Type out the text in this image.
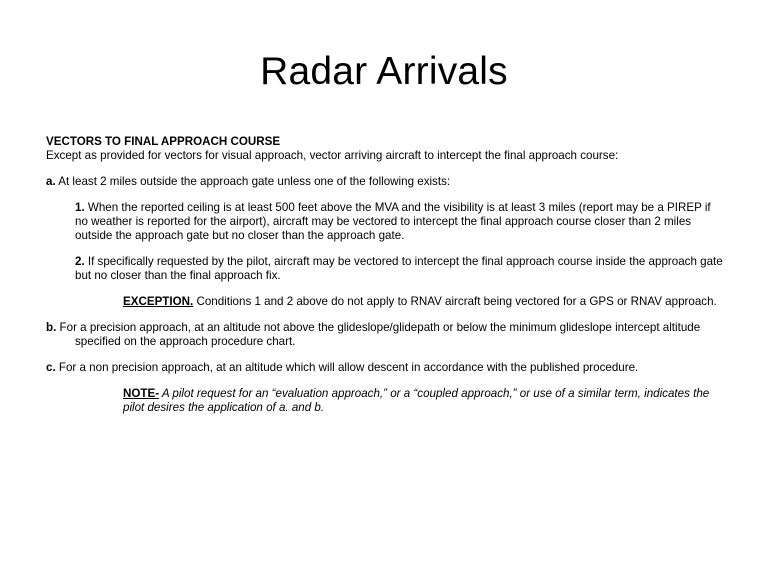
Radar Arrivals

VECTORS TO FINAL APPROACH COURSE

Except as provided for vectors for visual approach, vector arriving aircraft to intercept the final approach course:

a. At least 2 miles outside the approach gate unless one of the following exists:

1. When the reported ceiling is at least 500 feet above the MVA and the visibility is at least 3 miles (report may be a PIREP if no weather is reported for the airport), aircraft may be vectored to intercept the final approach course closer than 2 miles outside the approach gate but no closer than the approach gate.

2. If specifically requested by the pilot, aircraft may be vectored to intercept the final approach course inside the approach gate but no closer than the final approach fix.

EXCEPTION. Conditions 1 and 2 above do not apply to RNAV aircraft being vectored for a GPS or RNAV approach.

b. For a precision approach, at an altitude not above the glideslope/glidepath or below the minimum glideslope intercept altitude specified on the approach procedure chart.

c. For a non precision approach, at an altitude which will allow descent in accordance with the published procedure.

NOTE- A pilot request for an “evaluation approach,” or a “coupled approach,” or use of a similar term, indicates the pilot desires the application of a. and b.
